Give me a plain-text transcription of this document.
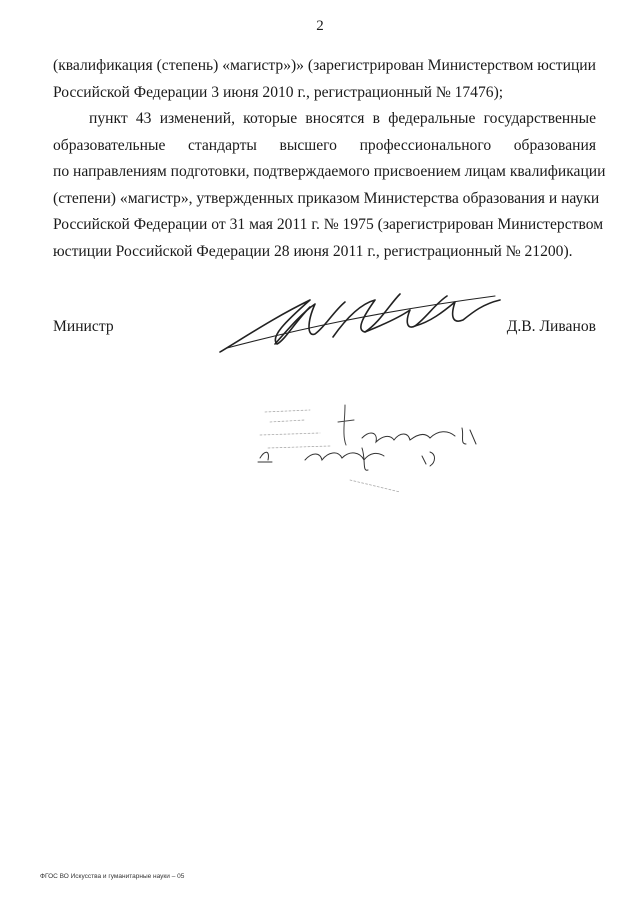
2
(квалификация (степень) «магистр»)» (зарегистрирован Министерством юстиции
Российской Федерации 3 июня 2010 г., регистрационный № 17476);
пункт 43 изменений, которые вносятся в федеральные государственные
образовательные стандарты высшего профессионального образования
по направлениям подготовки, подтверждаемого присвоением лицам квалификации
(степени) «магистр», утвержденных приказом Министерства образования и науки
Российской Федерации от 31 мая 2011 г. № 1975 (зарегистрирован Министерством
юстиции Российской Федерации 28 июня 2011 г., регистрационный № 21200).
Министр	Д.В. Ливанов
ФГОС ВО Искусства и гуманитарные науки – 05
